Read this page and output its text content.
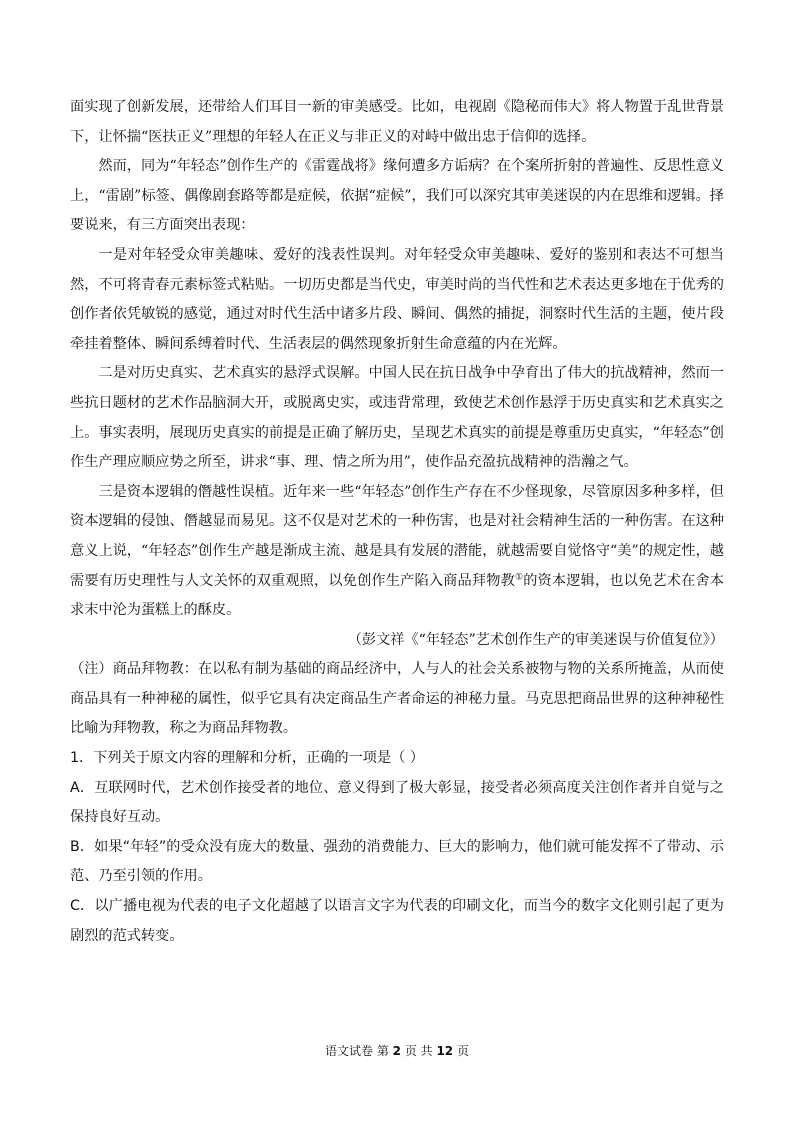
面实现了创新发展，还带给人们耳目一新的审美感受。比如，电视剧《隐秘而伟大》将人物置于乱世背景下，让怀揣“医扶正义”理想的年轻人在正义与非正义的对峙中做出忠于信仰的选择。

然而，同为“年轻态”创作生产的《雷霆战将》缘何遭多方诟病？在个案所折射的普遍性、反思性意义上，“雷剧”标签、偶像剧套路等都是症候，依据“症候”，我们可以深究其审美迷误的内在思维和逻辑。择要说来，有三方面突出表现：

一是对年轻受众审美趣味、爱好的浅表性误判。对年轻受众审美趣味、爱好的鉴别和表达不可想当然，不可将青春元素标签式粘贴。一切历史都是当代史，审美时尚的当代性和艺术表达更多地在于优秀的创作者依凭敏锐的感觉，通过对时代生活中诸多片段、瞬间、偶然的捕捉，洞察时代生活的主题，使片段牵挂着整体、瞬间系缚着时代、生活表层的偶然现象折射生命意蕴的内在光辉。

二是对历史真实、艺术真实的悬浮式误解。中国人民在抗日战争中孕育出了伟大的抗战精神，然而一些抗日题材的艺术作品脑洞大开，或脱离史实，或违背常理，致使艺术创作悬浮于历史真实和艺术真实之上。事实表明，展现历史真实的前提是正确了解历史，呈现艺术真实的前提是尊重历史真实，“年轻态”创作生产理应顺应势之所至，讲求“事、理、情之所为用”，使作品充盈抗战精神的浩瀚之气。

三是资本逻辑的僭越性误植。近年来一些“年轻态”创作生产存在不少怪现象，尽管原因多种多样，但资本逻辑的侵蚀、僭越显而易见。这不仅是对艺术的一种伤害，也是对社会精神生活的一种伤害。在这种意义上说，“年轻态”创作生产越是渐成主流、越是具有发展的潜能，就越需要自觉恪守“美”的规定性，越需要有历史理性与人文关怀的双重观照，以免创作生产陷入商品拜物教①的资本逻辑，也以免艺术在舍本求末中沦为蛋糕上的酥皮。

（彭文祥《“年轻态”艺术创作生产的审美迷误与价值复位》）

（注）商品拜物教：在以私有制为基础的商品经济中，人与人的社会关系被物与物的关系所掩盖，从而使商品具有一种神秘的属性，似乎它具有决定商品生产者命运的神秘力量。马克思把商品世界的这种神秘性比喻为拜物教，称之为商品拜物教。

1．下列关于原文内容的理解和分析，正确的一项是（ ）

A．互联网时代，艺术创作接受者的地位、意义得到了极大彰显，接受者必须高度关注创作者并自觉与之保持良好互动。

B．如果“年轻”的受众没有庞大的数量、强劲的消费能力、巨大的影响力，他们就可能发挥不了带动、示范、乃至引领的作用。

C．以广播电视为代表的电子文化超越了以语言文字为代表的印刷文化，而当今的数字文化则引起了更为剧烈的范式转变。

语文试卷 第 2 页 共 12 页
